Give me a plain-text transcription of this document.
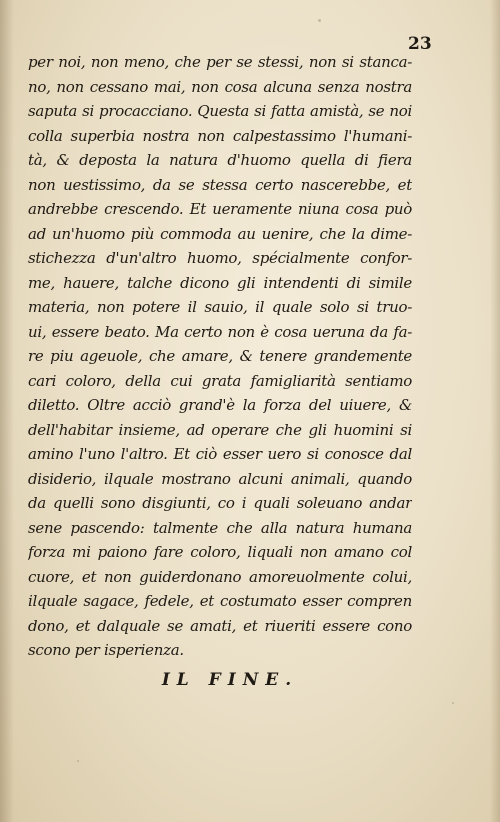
23
per noi, non meno, che per se stessi, non si stanca-
no, non cessano mai, non cosa alcuna senza nostra
saputa si procacciano. Questa si fatta amistà, se noi
colla superbia nostra non calpestassimo l'humani-
tà, & deposta la natura d'huomo quella di fiera
non uestissimo, da se stessa certo nascerebbe, et
andrebbe crescendo. Et ueramente niuna cosa può
ad un'huomo più commoda au uenire, che la dime-
stichezza d'un'altro huomo, spécialmente confor-
me, hauere, talche dicono gli intendenti di simile
materia, non potere il sauio, il quale solo si truo-
ui, essere beato. Ma certo non è cosa ueruna da fa-
re piu ageuole, che amare, & tenere grandemente
cari coloro, della cui grata famigliarità sentiamo
diletto. Oltre acciò grand'è la forza del uiuere, &
dell'habitar insieme, ad operare che gli huomini si
amino l'uno l'altro. Et ciò esser uero si conosce dal
disiderio, ilquale mostrano alcuni animali, quando
da quelli sono disgiunti, co i quali soleuano andar
sene pascendo: talmente che alla natura humana
forza mi paiono fare coloro, liquali non amano col
cuore, et non guiderdonano amoreuolmente colui,
ilquale sagace, fedele, et costumato esser compren
dono, et dalquale se amati, et riueriti essere cono
scono per isperienza.
IL FINE.
